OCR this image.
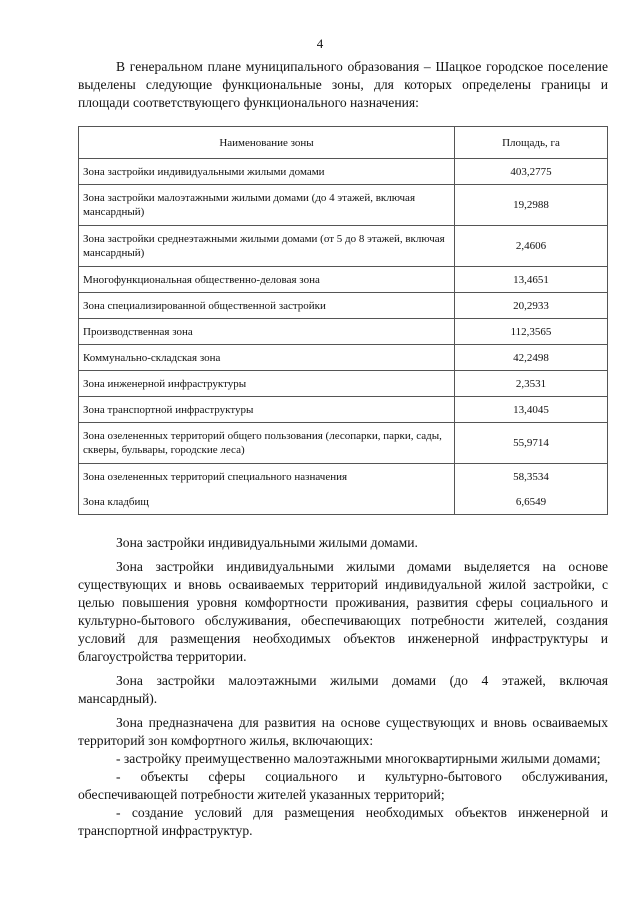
4

В генеральном плане муниципального образования – Шацкое городское поселение выделены следующие функциональные зоны, для которых определены границы и площади соответствующего функционального назначения:

Наименование зоны	Площадь, га
Зона застройки индивидуальными жилыми домами	403,2775
Зона застройки малоэтажными жилыми домами (до 4 этажей, включая мансардный)	19,2988
Зона застройки среднеэтажными жилыми домами (от 5 до 8 этажей, включая мансардный)	2,4606
Многофункциональная общественно-деловая зона	13,4651
Зона специализированной общественной застройки	20,2933
Производственная зона	112,3565
Коммунально-складская зона	42,2498
Зона инженерной инфраструктуры	2,3531
Зона транспортной инфраструктуры	13,4045
Зона озелененных территорий общего пользования (лесопарки, парки, сады, скверы, бульвары, городские леса)	55,9714
Зона озелененных территорий специального назначения	58,3534
Зона кладбищ	6,6549

Зона застройки индивидуальными жилыми домами.

Зона застройки индивидуальными жилыми домами выделяется на основе существующих и вновь осваиваемых территорий индивидуальной жилой застройки, с целью повышения уровня комфортности проживания, развития сферы социального и культурно-бытового обслуживания, обеспечивающих потребности жителей, создания условий для размещения необходимых объектов инженерной инфраструктуры и благоустройства территории.

Зона застройки малоэтажными жилыми домами (до 4 этажей, включая мансардный).

Зона предназначена для развития на основе существующих и вновь осваиваемых территорий зон комфортного жилья, включающих:

- застройку преимущественно малоэтажными многоквартирными жилыми домами;

- объекты сферы социального и культурно-бытового обслуживания, обеспечивающей потребности жителей указанных территорий;

- создание условий для размещения необходимых объектов инженерной и транспортной инфраструктур.
